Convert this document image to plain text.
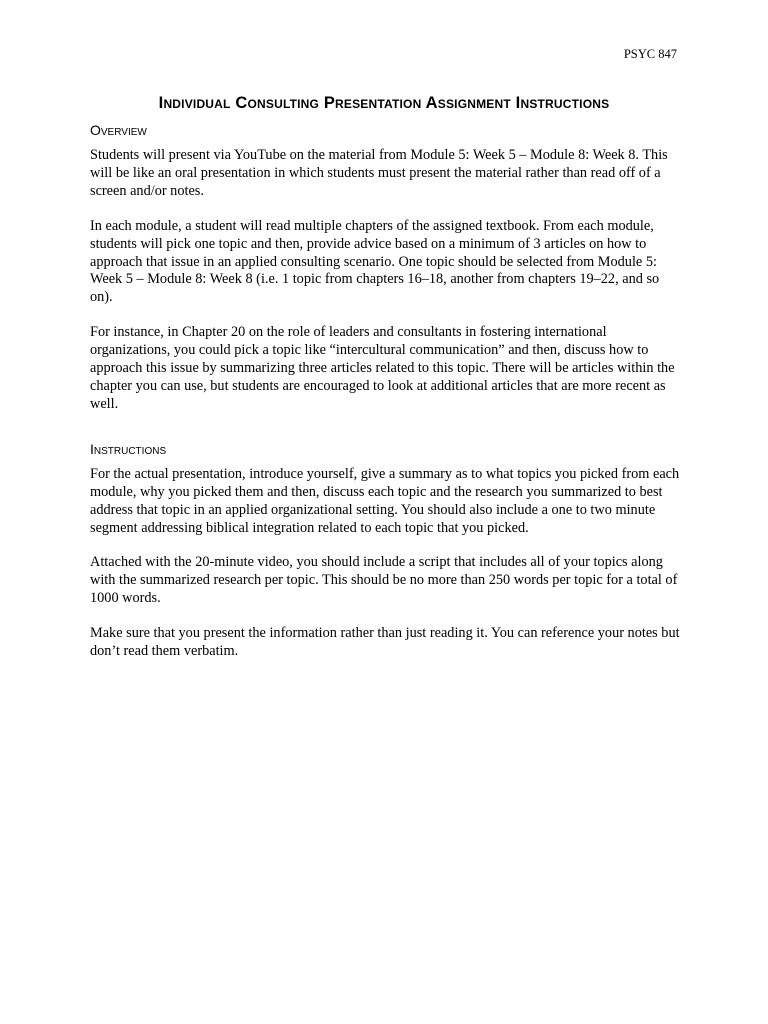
PSYC 847
Individual Consulting Presentation Assignment Instructions
Overview

Students will present via YouTube on the material from Module 5: Week 5 – Module 8: Week 8. This will be like an oral presentation in which students must present the material rather than read off of a screen and/or notes.

In each module, a student will read multiple chapters of the assigned textbook. From each module, students will pick one topic and then, provide advice based on a minimum of 3 articles on how to approach that issue in an applied consulting scenario. One topic should be selected from Module 5: Week 5 – Module 8: Week 8 (i.e. 1 topic from chapters 16–18, another from chapters 19–22, and so on).

For instance, in Chapter 20 on the role of leaders and consultants in fostering international organizations, you could pick a topic like “intercultural communication” and then, discuss how to approach this issue by summarizing three articles related to this topic. There will be articles within the chapter you can use, but students are encouraged to look at additional articles that are more recent as well.

Instructions

For the actual presentation, introduce yourself, give a summary as to what topics you picked from each module, why you picked them and then, discuss each topic and the research you summarized to best address that topic in an applied organizational setting. You should also include a one to two minute segment addressing biblical integration related to each topic that you picked.

Attached with the 20-minute video, you should include a script that includes all of your topics along with the summarized research per topic. This should be no more than 250 words per topic for a total of 1000 words.

Make sure that you present the information rather than just reading it. You can reference your notes but don’t read them verbatim.
